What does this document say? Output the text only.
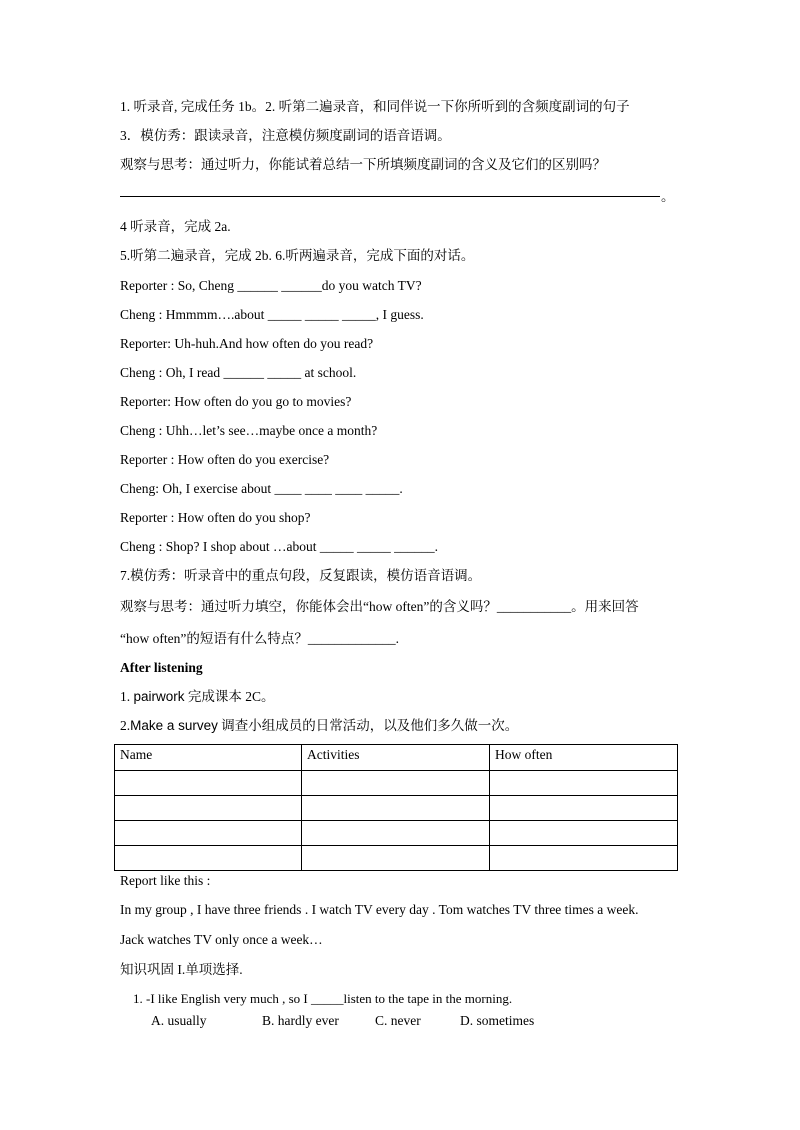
1. 听录音, 完成任务 1b。2. 听第二遍录音，和同伴说一下你所听到的含频度副词的句子
3．模仿秀：跟读录音，注意模仿频度副词的语音语调。
观察与思考：通过听力，你能试着总结一下所填频度副词的含义及它们的区别吗？
。
4 听录音，完成 2a.
5.听第二遍录音，完成 2b. 6.听两遍录音，完成下面的对话。
Reporter : So, Cheng ______ ______do you watch TV?
Cheng : Hmmmm….about _____ _____ _____, I guess.
Reporter: Uh-huh.And how often do you read?
Cheng : Oh, I read ______ _____ at school.
Reporter: How often do you go to movies?
Cheng : Uhh…let’s see…maybe once a month?
Reporter : How often do you exercise?
Cheng: Oh, I exercise about ____ ____ ____ _____.
Reporter : How often do you shop?
Cheng : Shop? I shop about …about _____ _____ ______.
7.模仿秀：听录音中的重点句段，反复跟读，模仿语音语调。
观察与思考：通过听力填空，你能体会出“how often”的含义吗？___________。用来回答
“how often”的短语有什么特点？_____________.
After listening
1. pairwork 完成课本 2C。
2.Make a survey 调查小组成员的日常活动，以及他们多久做一次。
Name	Activities	How often

Report like this :
In my group , I have three friends . I watch TV every day . Tom watches TV three times a week.
Jack watches TV only once a week…
知识巩固 I.单项选择.
1. -I like English very much , so I _____listen to the tape in the morning.
A. usually	B. hardly ever	C. never	D. sometimes
